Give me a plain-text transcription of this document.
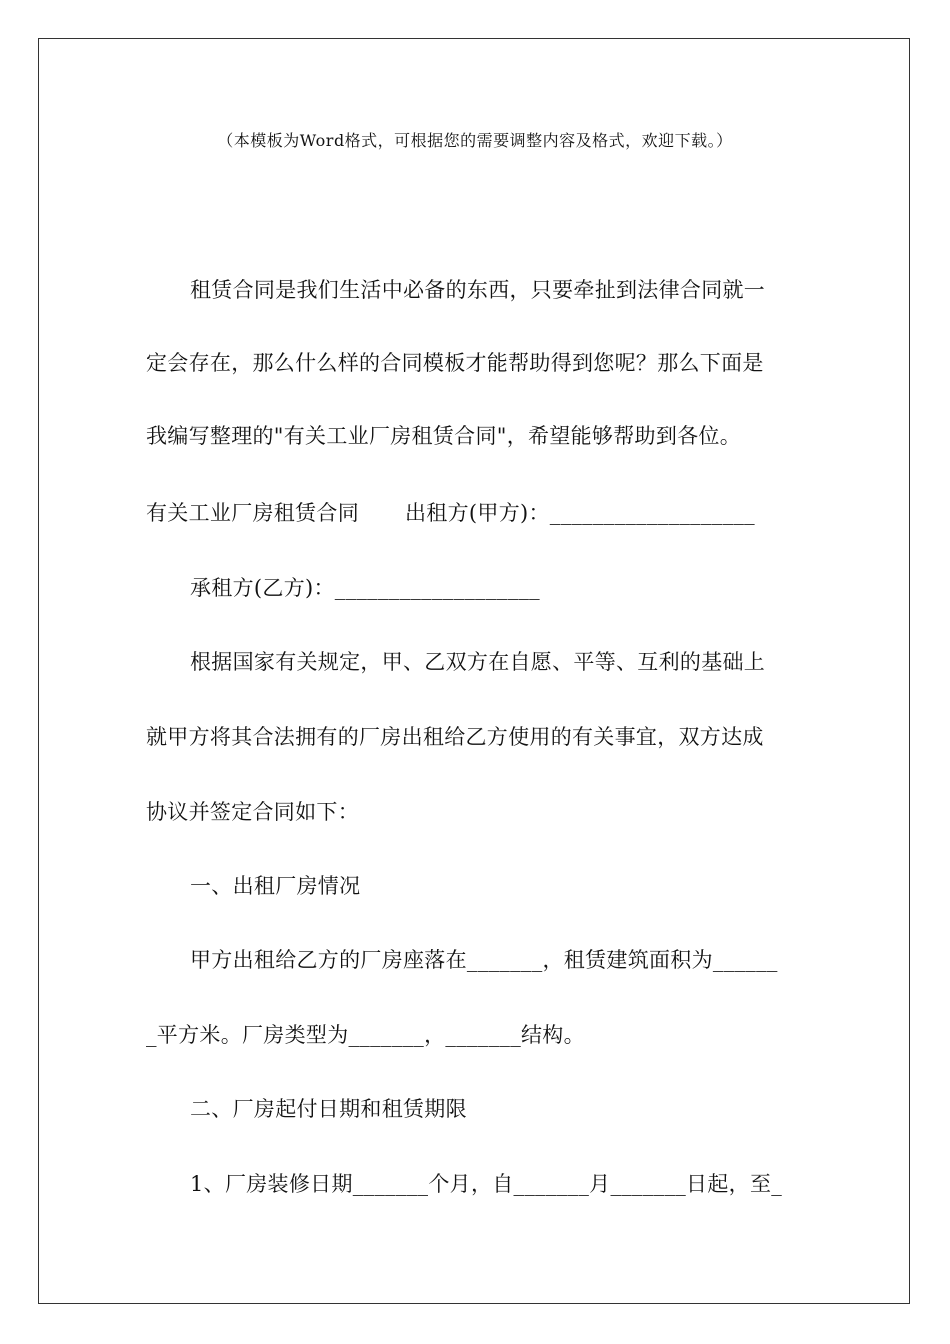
（本模板为Word格式，可根据您的需要调整内容及格式，欢迎下载。）
租赁合同是我们生活中必备的东西，只要牵扯到法律合同就一
定会存在，那么什么样的合同模板才能帮助得到您呢？那么下面是
我编写整理的"有关工业厂房租赁合同"，希望能够帮助到各位。
有关工业厂房租赁合同 出租方(甲方)：___________________
承租方(乙方)：___________________
根据国家有关规定，甲、乙双方在自愿、平等、互利的基础上
就甲方将其合法拥有的厂房出租给乙方使用的有关事宜，双方达成
协议并签定合同如下：
一、出租厂房情况
甲方出租给乙方的厂房座落在_______，租赁建筑面积为______
_平方米。厂房类型为_______，_______结构。
二、厂房起付日期和租赁期限
1、厂房装修日期_______个月，自_______月_______日起，至_
